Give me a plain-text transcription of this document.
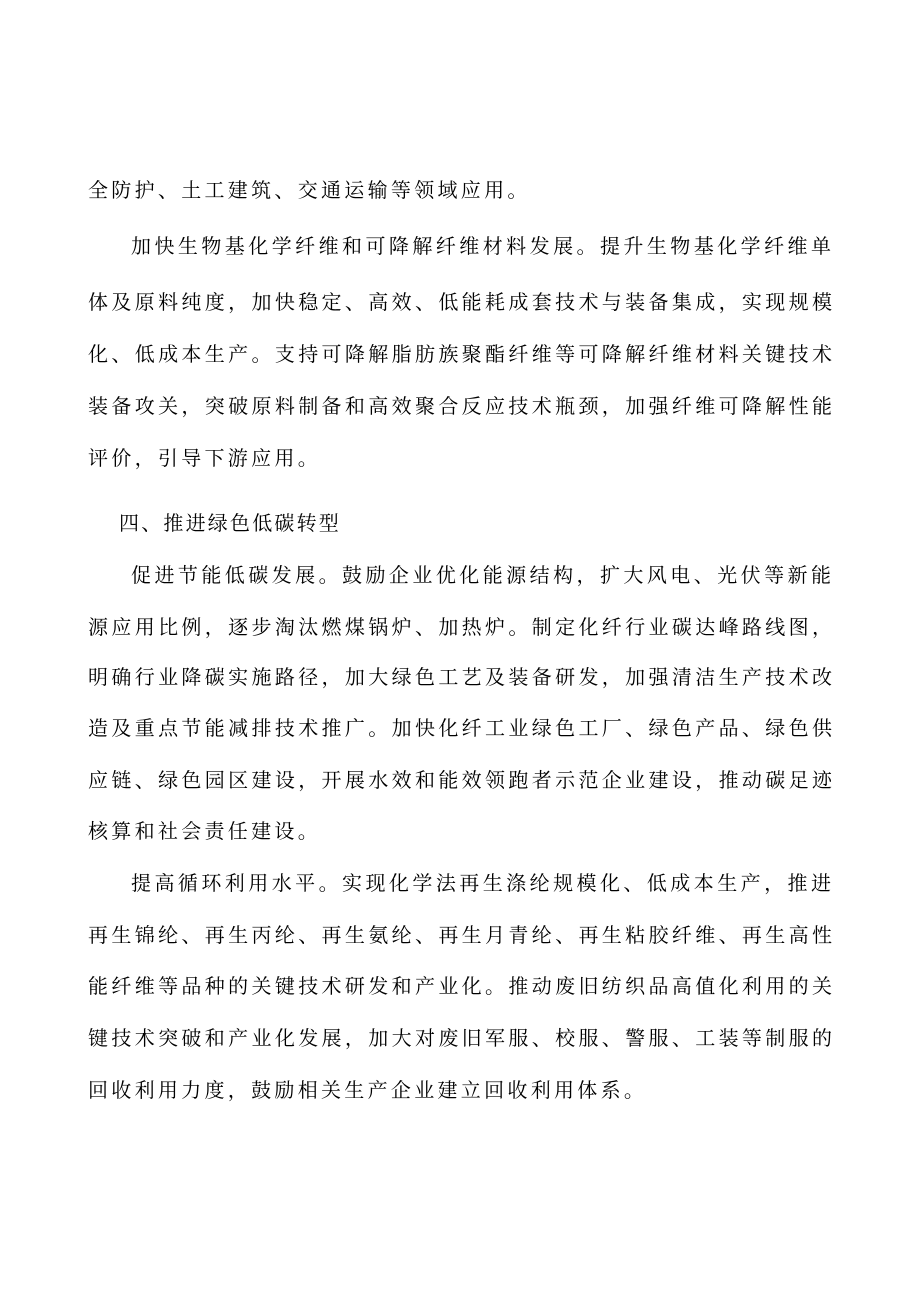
全防护、土工建筑、交通运输等领域应用。
加快生物基化学纤维和可降解纤维材料发展。提升生物基化学纤维单
体及原料纯度，加快稳定、高效、低能耗成套技术与装备集成，实现规模
化、低成本生产。支持可降解脂肪族聚酯纤维等可降解纤维材料关键技术
装备攻关，突破原料制备和高效聚合反应技术瓶颈，加强纤维可降解性能
评价，引导下游应用。
四、推进绿色低碳转型
促进节能低碳发展。鼓励企业优化能源结构，扩大风电、光伏等新能
源应用比例，逐步淘汰燃煤锅炉、加热炉。制定化纤行业碳达峰路线图，
明确行业降碳实施路径，加大绿色工艺及装备研发，加强清洁生产技术改
造及重点节能减排技术推广。加快化纤工业绿色工厂、绿色产品、绿色供
应链、绿色园区建设，开展水效和能效领跑者示范企业建设，推动碳足迹
核算和社会责任建设。
提高循环利用水平。实现化学法再生涤纶规模化、低成本生产，推进
再生锦纶、再生丙纶、再生氨纶、再生月青纶、再生粘胶纤维、再生高性
能纤维等品种的关键技术研发和产业化。推动废旧纺织品高值化利用的关
键技术突破和产业化发展，加大对废旧军服、校服、警服、工装等制服的
回收利用力度，鼓励相关生产企业建立回收利用体系。
